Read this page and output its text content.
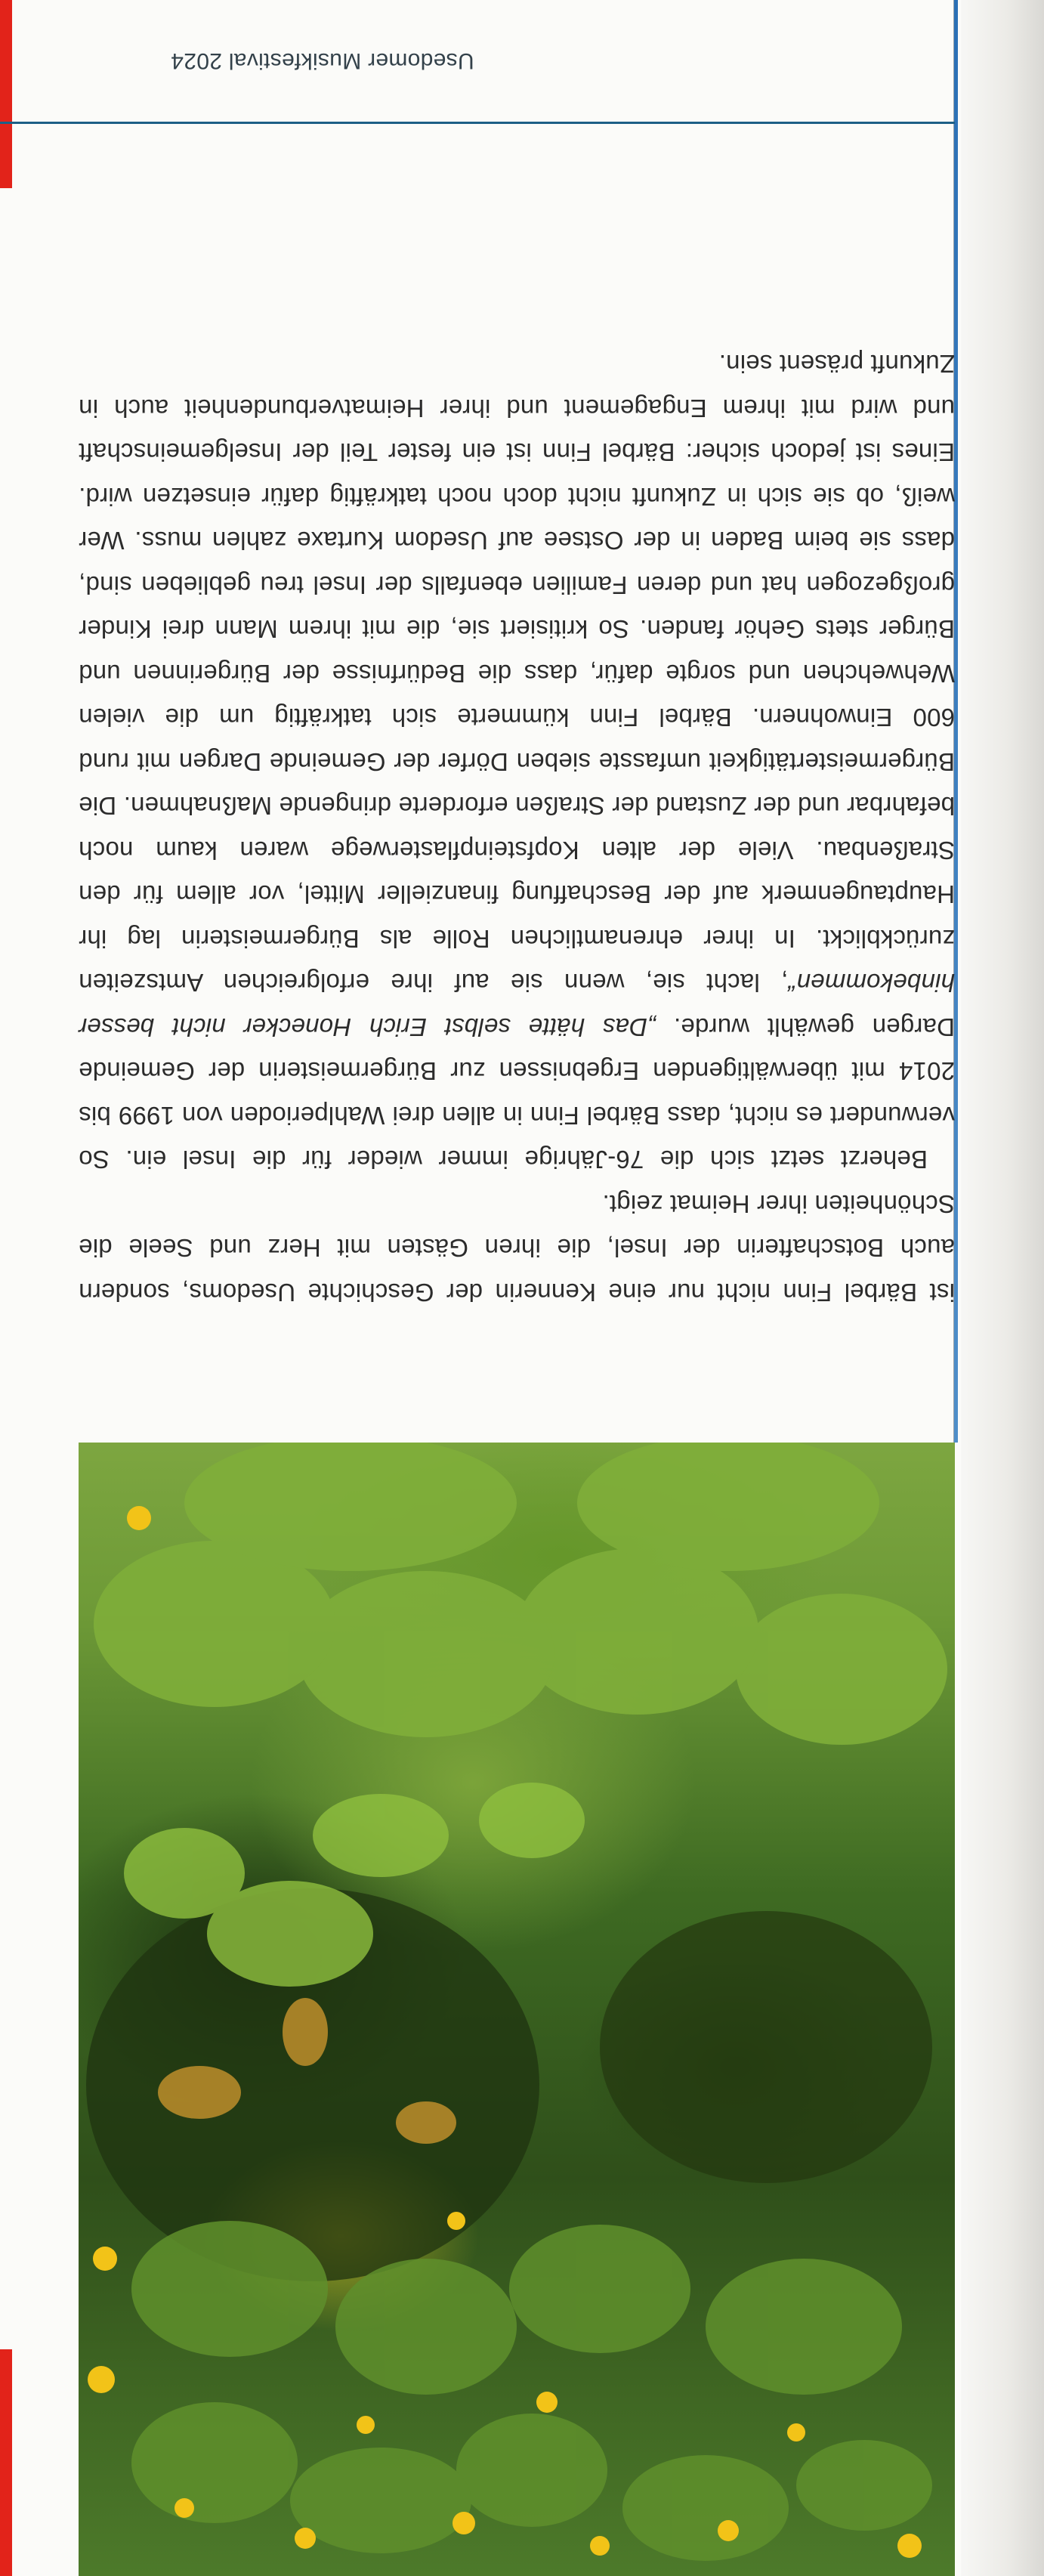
ist Bärbel Finn nicht nur eine Kennerin der Geschichte Usedoms, sondern auch Botschafterin der Insel, die ihren Gästen mit Herz und Seele die Schönheiten ihrer Heimat zeigt.

Beherzt setzt sich die 76-Jährige immer wieder für die Insel ein. So verwundert es nicht, dass Bärbel Finn in allen drei Wahlperioden von 1999 bis 2014 mit überwältigenden Ergebnissen zur Bürgermeisterin der Gemeinde Dargen gewählt wurde. „Das hätte selbst Erich Honecker nicht besser hinbekommen“, lacht sie, wenn sie auf ihre erfolgreichen Amtszeiten zurückblickt. In ihrer ehrenamtlichen Rolle als Bürgermeisterin lag ihr Hauptaugenmerk auf der Beschaffung finanzieller Mittel, vor allem für den Straßenbau. Viele der alten Kopfsteinpflasterwege waren kaum noch befahrbar und der Zustand der Straßen erforderte dringende Maßnahmen. Die Bürgermeistertätigkeit umfasste sieben Dörfer der Gemeinde Dargen mit rund 600 Einwohnern. Bärbel Finn kümmerte sich tatkräftig um die vielen Wehwehchen und sorgte dafür, dass die Bedürfnisse der Bürgerinnen und Bürger stets Gehör fanden. So kritisiert sie, die mit ihrem Mann drei Kinder großgezogen hat und deren Familien ebenfalls der Insel treu geblieben sind, dass sie beim Baden in der Ostsee auf Usedom Kurtaxe zahlen muss. Wer weiß, ob sie sich in Zukunft nicht doch noch tatkräftig dafür einsetzen wird. Eines ist jedoch sicher: Bärbel Finn ist ein fester Teil der Inselgemeinschaft und wird mit ihrem Engagement und ihrer Heimatverbundenheit auch in Zukunft präsent sein.

Usedomer Musikfestival 2024
